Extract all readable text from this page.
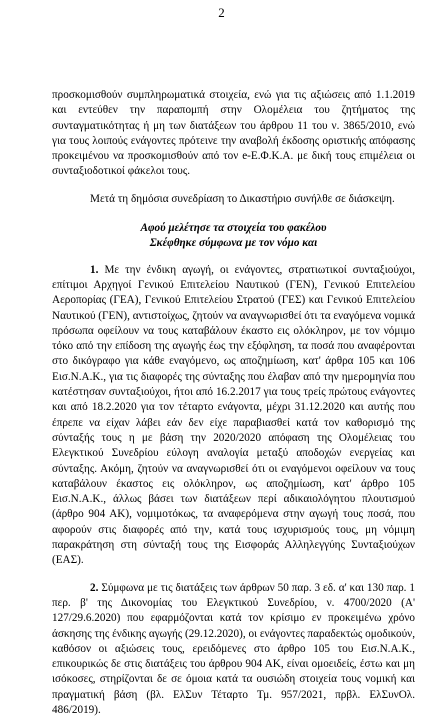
2

προσκομισθούν συμπληρωματικά στοιχεία, ενώ για τις αξιώσεις από 1.1.2019 και εντεύθεν την παραπομπή στην Ολομέλεια του ζητήματος της συνταγματικότητας ή μη των διατάξεων του άρθρου 11 του ν. 3865/2010, ενώ για τους λοιπούς ενάγοντες πρότεινε την αναβολή έκδοσης οριστικής απόφασης προκειμένου να προσκομισθούν από τον e-Ε.Φ.Κ.Α. με δική τους επιμέλεια οι συνταξιοδοτικοί φάκελοι τους.

Μετά τη δημόσια συνεδρίαση το Δικαστήριο συνήλθε σε διάσκεψη.

Αφού μελέτησε τα στοιχεία του φακέλου

Σκέφθηκε σύμφωνα με τον νόμο και

1. Με την ένδικη αγωγή, οι ενάγοντες, στρατιωτικοί συνταξιούχοι, επίτιμοι Αρχηγοί Γενικού Επιτελείου Ναυτικού (ΓΕΝ), Γενικού Επιτελείου Αεροπορίας (ΓΕΑ), Γενικού Επιτελείου Στρατού (ΓΕΣ) και Γενικού Επιτελείου Ναυτικού (ΓΕΝ), αντιστοίχως, ζητούν να αναγνωρισθεί ότι τα εναγόμενα νομικά πρόσωπα οφείλουν να τους καταβάλουν έκαστο εις ολόκληρον, με τον νόμιμο τόκο από την επίδοση της αγωγής έως την εξόφληση, τα ποσά που αναφέρονται στο δικόγραφο για κάθε εναγόμενο, ως αποζημίωση, κατ' άρθρα 105 και 106 Εισ.Ν.Α.Κ., για τις διαφορές της σύνταξης που έλαβαν από την ημερομηνία που κατέστησαν συνταξιούχοι, ήτοι από 16.2.2017 για τους τρείς πρώτους ενάγοντες και από 18.2.2020 για τον τέταρτο ενάγοντα, μέχρι 31.12.2020 και αυτής που έπρεπε να είχαν λάβει εάν δεν είχε παραβιασθεί κατά τον καθορισμό της σύνταξής τους η με βάση την 2020/2020 απόφαση της Ολομέλειας του Ελεγκτικού Συνεδρίου εύλογη αναλογία μεταξύ αποδοχών ενεργείας και σύνταξης. Ακόμη, ζητούν να αναγνωρισθεί ότι οι εναγόμενοι οφείλουν να τους καταβάλουν έκαστος εις ολόκληρον, ως αποζημίωση, κατ' άρθρο 105 Εισ.Ν.Α.Κ., άλλως βάσει των διατάξεων περί αδικαιολόγητου πλουτισμού (άρθρο 904 ΑΚ), νομιμοτόκως, τα αναφερόμενα στην αγωγή τους ποσά, που αφορούν στις διαφορές από την, κατά τους ισχυρισμούς τους, μη νόμιμη παρακράτηση στη σύνταξή τους της Εισφοράς Αλληλεγγύης Συνταξιούχων (ΕΑΣ).

2. Σύμφωνα με τις διατάξεις των άρθρων 50 παρ. 3 εδ. α' και 130 παρ. 1 περ. β' της Δικονομίας του Ελεγκτικού Συνεδρίου, ν. 4700/2020 (Α' 127/29.6.2020) που εφαρμόζονται κατά τον κρίσιμο εν προκειμένω χρόνο άσκησης της ένδικης αγωγής (29.12.2020), οι ενάγοντες παραδεκτώς ομοδικούν, καθόσον οι αξιώσεις τους, ερειδόμενες στο άρθρο 105 του Εισ.Ν.Α.Κ., επικουρικώς δε στις διατάξεις του άρθρου 904 ΑΚ, είναι ομοειδείς, έστω και μη ισόκοσες, στηρίζονται δε σε όμοια κατά τα ουσιώδη στοιχεία τους νομική και πραγματική βάση (βλ. ΕλΣυν Τέταρτο Τμ. 957/2021, πρβλ. ΕλΣυνΟλ. 486/2019).
